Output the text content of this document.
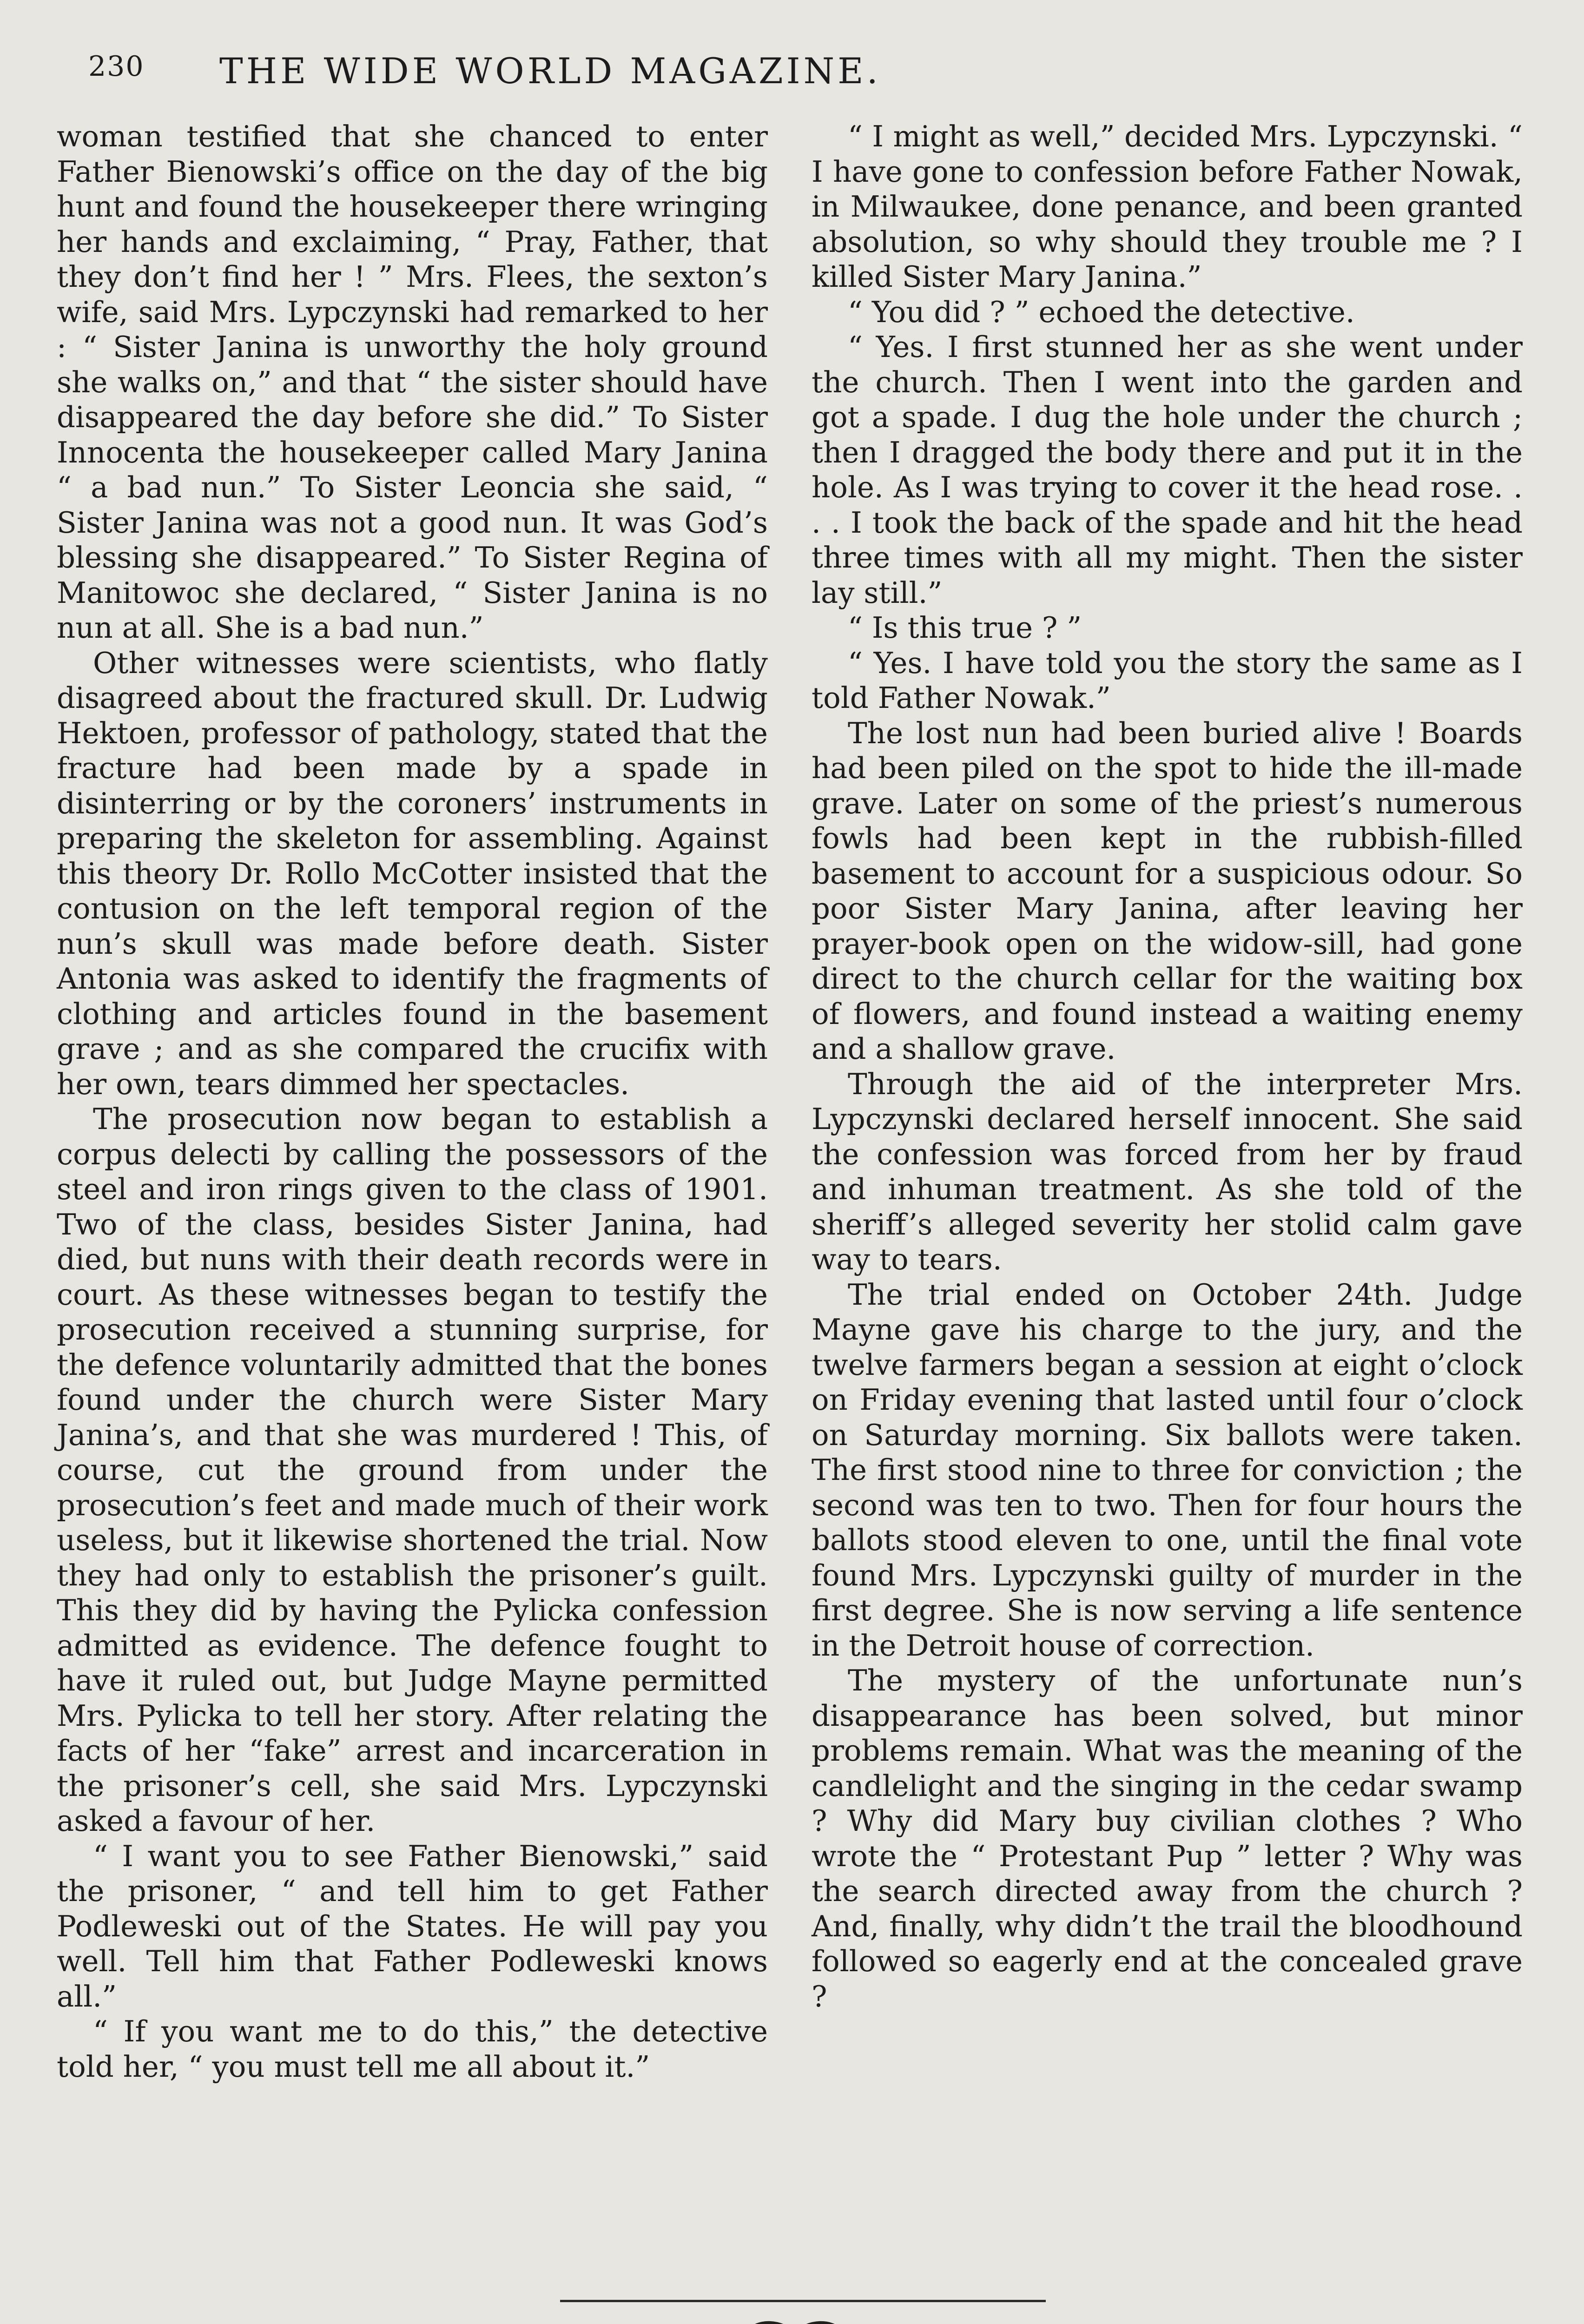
230 THE WIDE WORLD MAGAZINE.

woman testified that she chanced to enter Father Bienowski’s office on the day of the big hunt and found the housekeeper there wringing her hands and exclaiming, “ Pray, Father, that they don’t find her ! ” Mrs. Flees, the sexton’s wife, said Mrs. Lypczynski had remarked to her : “ Sister Janina is unworthy the holy ground she walks on,” and that “ the sister should have disappeared the day before she did.” To Sister Innocenta the housekeeper called Mary Janina “ a bad nun.” To Sister Leoncia she said, “ Sister Janina was not a good nun. It was God’s blessing she disappeared.” To Sister Regina of Manitowoc she declared, “ Sister Janina is no nun at all. She is a bad nun.”

Other witnesses were scientists, who flatly disagreed about the fractured skull. Dr. Ludwig Hektoen, professor of pathology, stated that the fracture had been made by a spade in disinterring or by the coroners’ instruments in preparing the skeleton for assembling. Against this theory Dr. Rollo McCotter insisted that the contusion on the left temporal region of the nun’s skull was made before death. Sister Antonia was asked to identify the fragments of clothing and articles found in the basement grave ; and as she compared the crucifix with her own, tears dimmed her spectacles.

The prosecution now began to establish a corpus delecti by calling the possessors of the steel and iron rings given to the class of 1901. Two of the class, besides Sister Janina, had died, but nuns with their death records were in court. As these witnesses began to testify the prosecution received a stunning surprise, for the defence voluntarily admitted that the bones found under the church were Sister Mary Janina’s, and that she was murdered ! This, of course, cut the ground from under the prosecution’s feet and made much of their work useless, but it likewise shortened the trial. Now they had only to establish the prisoner’s guilt. This they did by having the Pylicka confession admitted as evidence. The defence fought to have it ruled out, but Judge Mayne permitted Mrs. Pylicka to tell her story. After relating the facts of her “fake” arrest and incarceration in the prisoner’s cell, she said Mrs. Lypczynski asked a favour of her.

“ I want you to see Father Bienowski,” said the prisoner, “ and tell him to get Father Podleweski out of the States. He will pay you well. Tell him that Father Podleweski knows all.”

“ If you want me to do this,” the detective told her, “ you must tell me all about it.”

“ I might as well,” decided Mrs. Lypczynski. “ I have gone to confession before Father Nowak, in Milwaukee, done penance, and been granted absolution, so why should they trouble me ? I killed Sister Mary Janina.”

“ You did ? ” echoed the detective.

“ Yes. I first stunned her as she went under the church. Then I went into the garden and got a spade. I dug the hole under the church ; then I dragged the body there and put it in the hole. As I was trying to cover it the head rose. . . . I took the back of the spade and hit the head three times with all my might. Then the sister lay still.”

“ Is this true ? ”

“ Yes. I have told you the story the same as I told Father Nowak.”

The lost nun had been buried alive ! Boards had been piled on the spot to hide the ill-made grave. Later on some of the priest’s numerous fowls had been kept in the rubbish-filled basement to account for a suspicious odour. So poor Sister Mary Janina, after leaving her prayer-book open on the widow-sill, had gone direct to the church cellar for the waiting box of flowers, and found instead a waiting enemy and a shallow grave.

Through the aid of the interpreter Mrs. Lypczynski declared herself innocent. She said the confession was forced from her by fraud and inhuman treatment. As she told of the sheriff’s alleged severity her stolid calm gave way to tears.

The trial ended on October 24th. Judge Mayne gave his charge to the jury, and the twelve farmers began a session at eight o’clock on Friday evening that lasted until four o’clock on Saturday morning. Six ballots were taken. The first stood nine to three for conviction ; the second was ten to two. Then for four hours the ballots stood eleven to one, until the final vote found Mrs. Lypczynski guilty of murder in the first degree. She is now serving a life sentence in the Detroit house of correction.

The mystery of the unfortunate nun’s disappearance has been solved, but minor problems remain. What was the meaning of the candlelight and the singing in the cedar swamp ? Why did Mary buy civilian clothes ? Who wrote the “ Protestant Pup ” letter ? Why was the search directed away from the church ? And, finally, why didn’t the trail the bloodhound followed so eagerly end at the concealed grave ?
